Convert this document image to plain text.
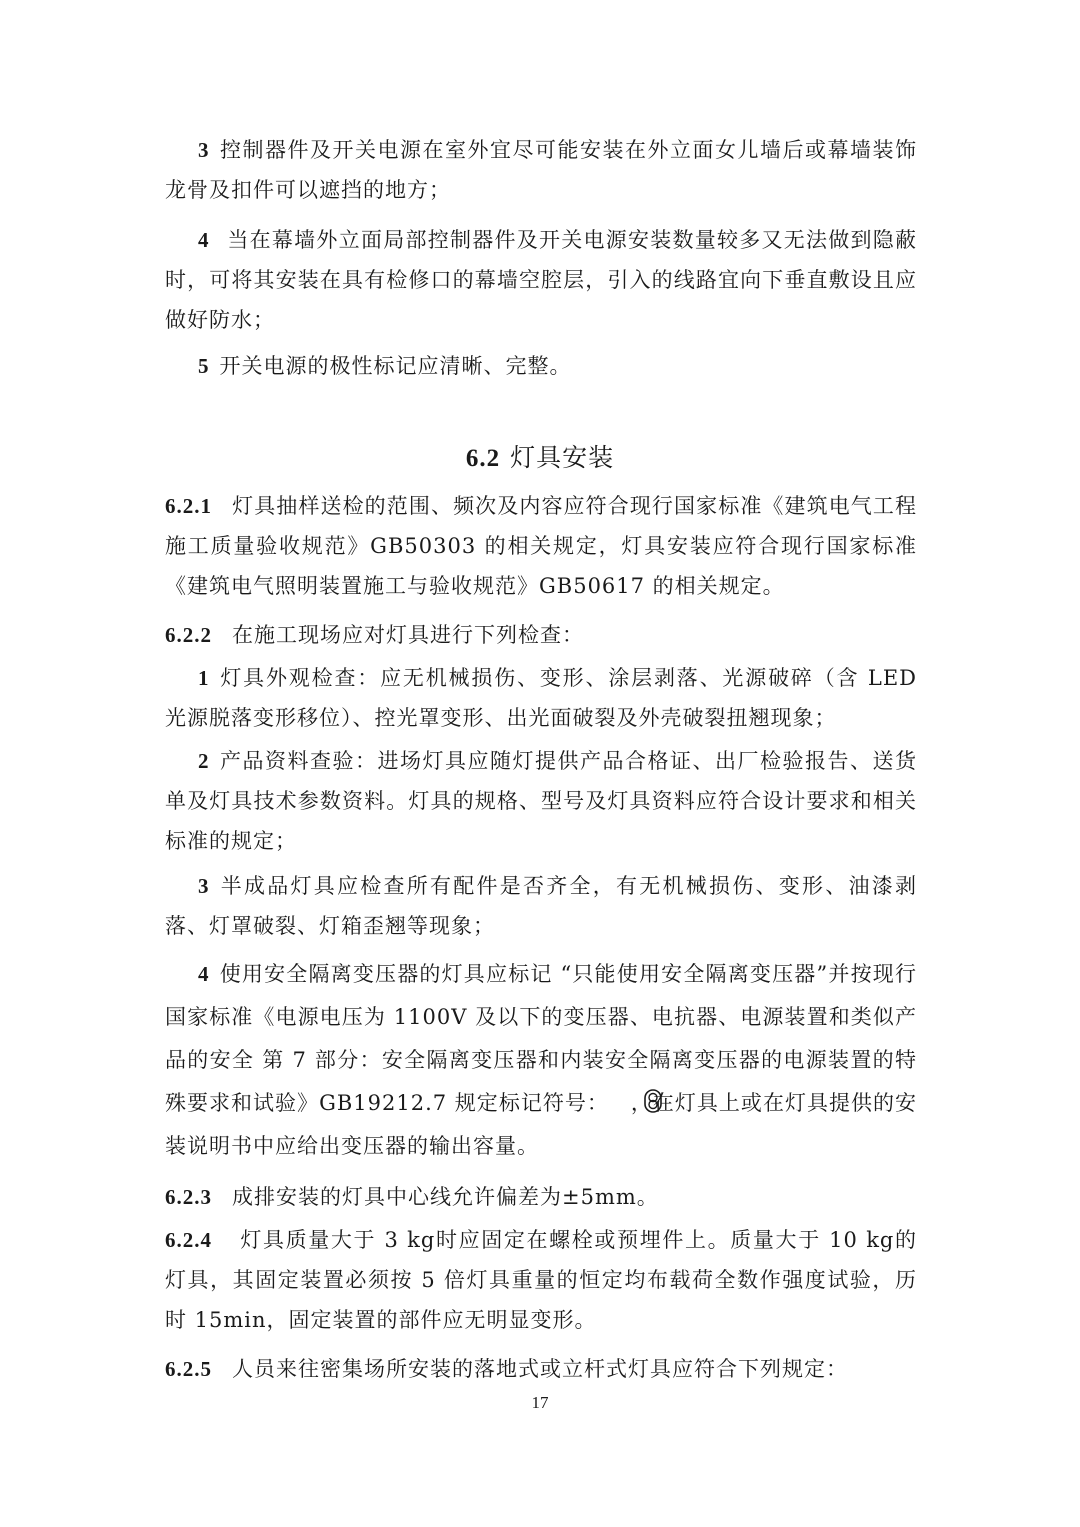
3 控制器件及开关电源在室外宜尽可能安装在外立面女儿墙后或幕墙装饰龙骨及扣件可以遮挡的地方；
4 当在幕墙外立面局部控制器件及开关电源安装数量较多又无法做到隐蔽时，可将其安装在具有检修口的幕墙空腔层，引入的线路宜向下垂直敷设且应做好防水；
5 开关电源的极性标记应清晰、完整。
6.2 灯具安装
6.2.1 灯具抽样送检的范围、频次及内容应符合现行国家标准《建筑电气工程施工质量验收规范》GB50303 的相关规定，灯具安装应符合现行国家标准《建筑电气照明装置施工与验收规范》GB50617 的相关规定。
6.2.2 在施工现场应对灯具进行下列检查：
1 灯具外观检查：应无机械损伤、变形、涂层剥落、光源破碎（含 LED 光源脱落变形移位）、控光罩变形、出光面破裂及外壳破裂扭翘现象；
2 产品资料查验：进场灯具应随灯提供产品合格证、出厂检验报告、送货单及灯具技术参数资料。灯具的规格、型号及灯具资料应符合设计要求和相关标准的规定；
3 半成品灯具应检查所有配件是否齐全，有无机械损伤、变形、油漆剥落、灯罩破裂、灯箱歪翘等现象；
4 使用安全隔离变压器的灯具应标记 “只能使用安全隔离变压器”并按现行国家标准《电源电压为 1100V 及以下的变压器、电抗器、电源装置和类似产品的安全 第 7 部分：安全隔离变压器和内装安全隔离变压器的电源装置的特殊要求和试验》GB19212.7 规定标记符号： ，在灯具上或在灯具提供的安装说明书中应给出变压器的输出容量。
6.2.3 成排安装的灯具中心线允许偏差为±5mm。
6.2.4 灯具质量大于 3 kg时应固定在螺栓或预埋件上。质量大于 10 kg的灯具，其固定装置必须按 5 倍灯具重量的恒定均布载荷全数作强度试验，历时 15min，固定装置的部件应无明显变形。
6.2.5 人员来往密集场所安装的落地式或立杆式灯具应符合下列规定：
17
